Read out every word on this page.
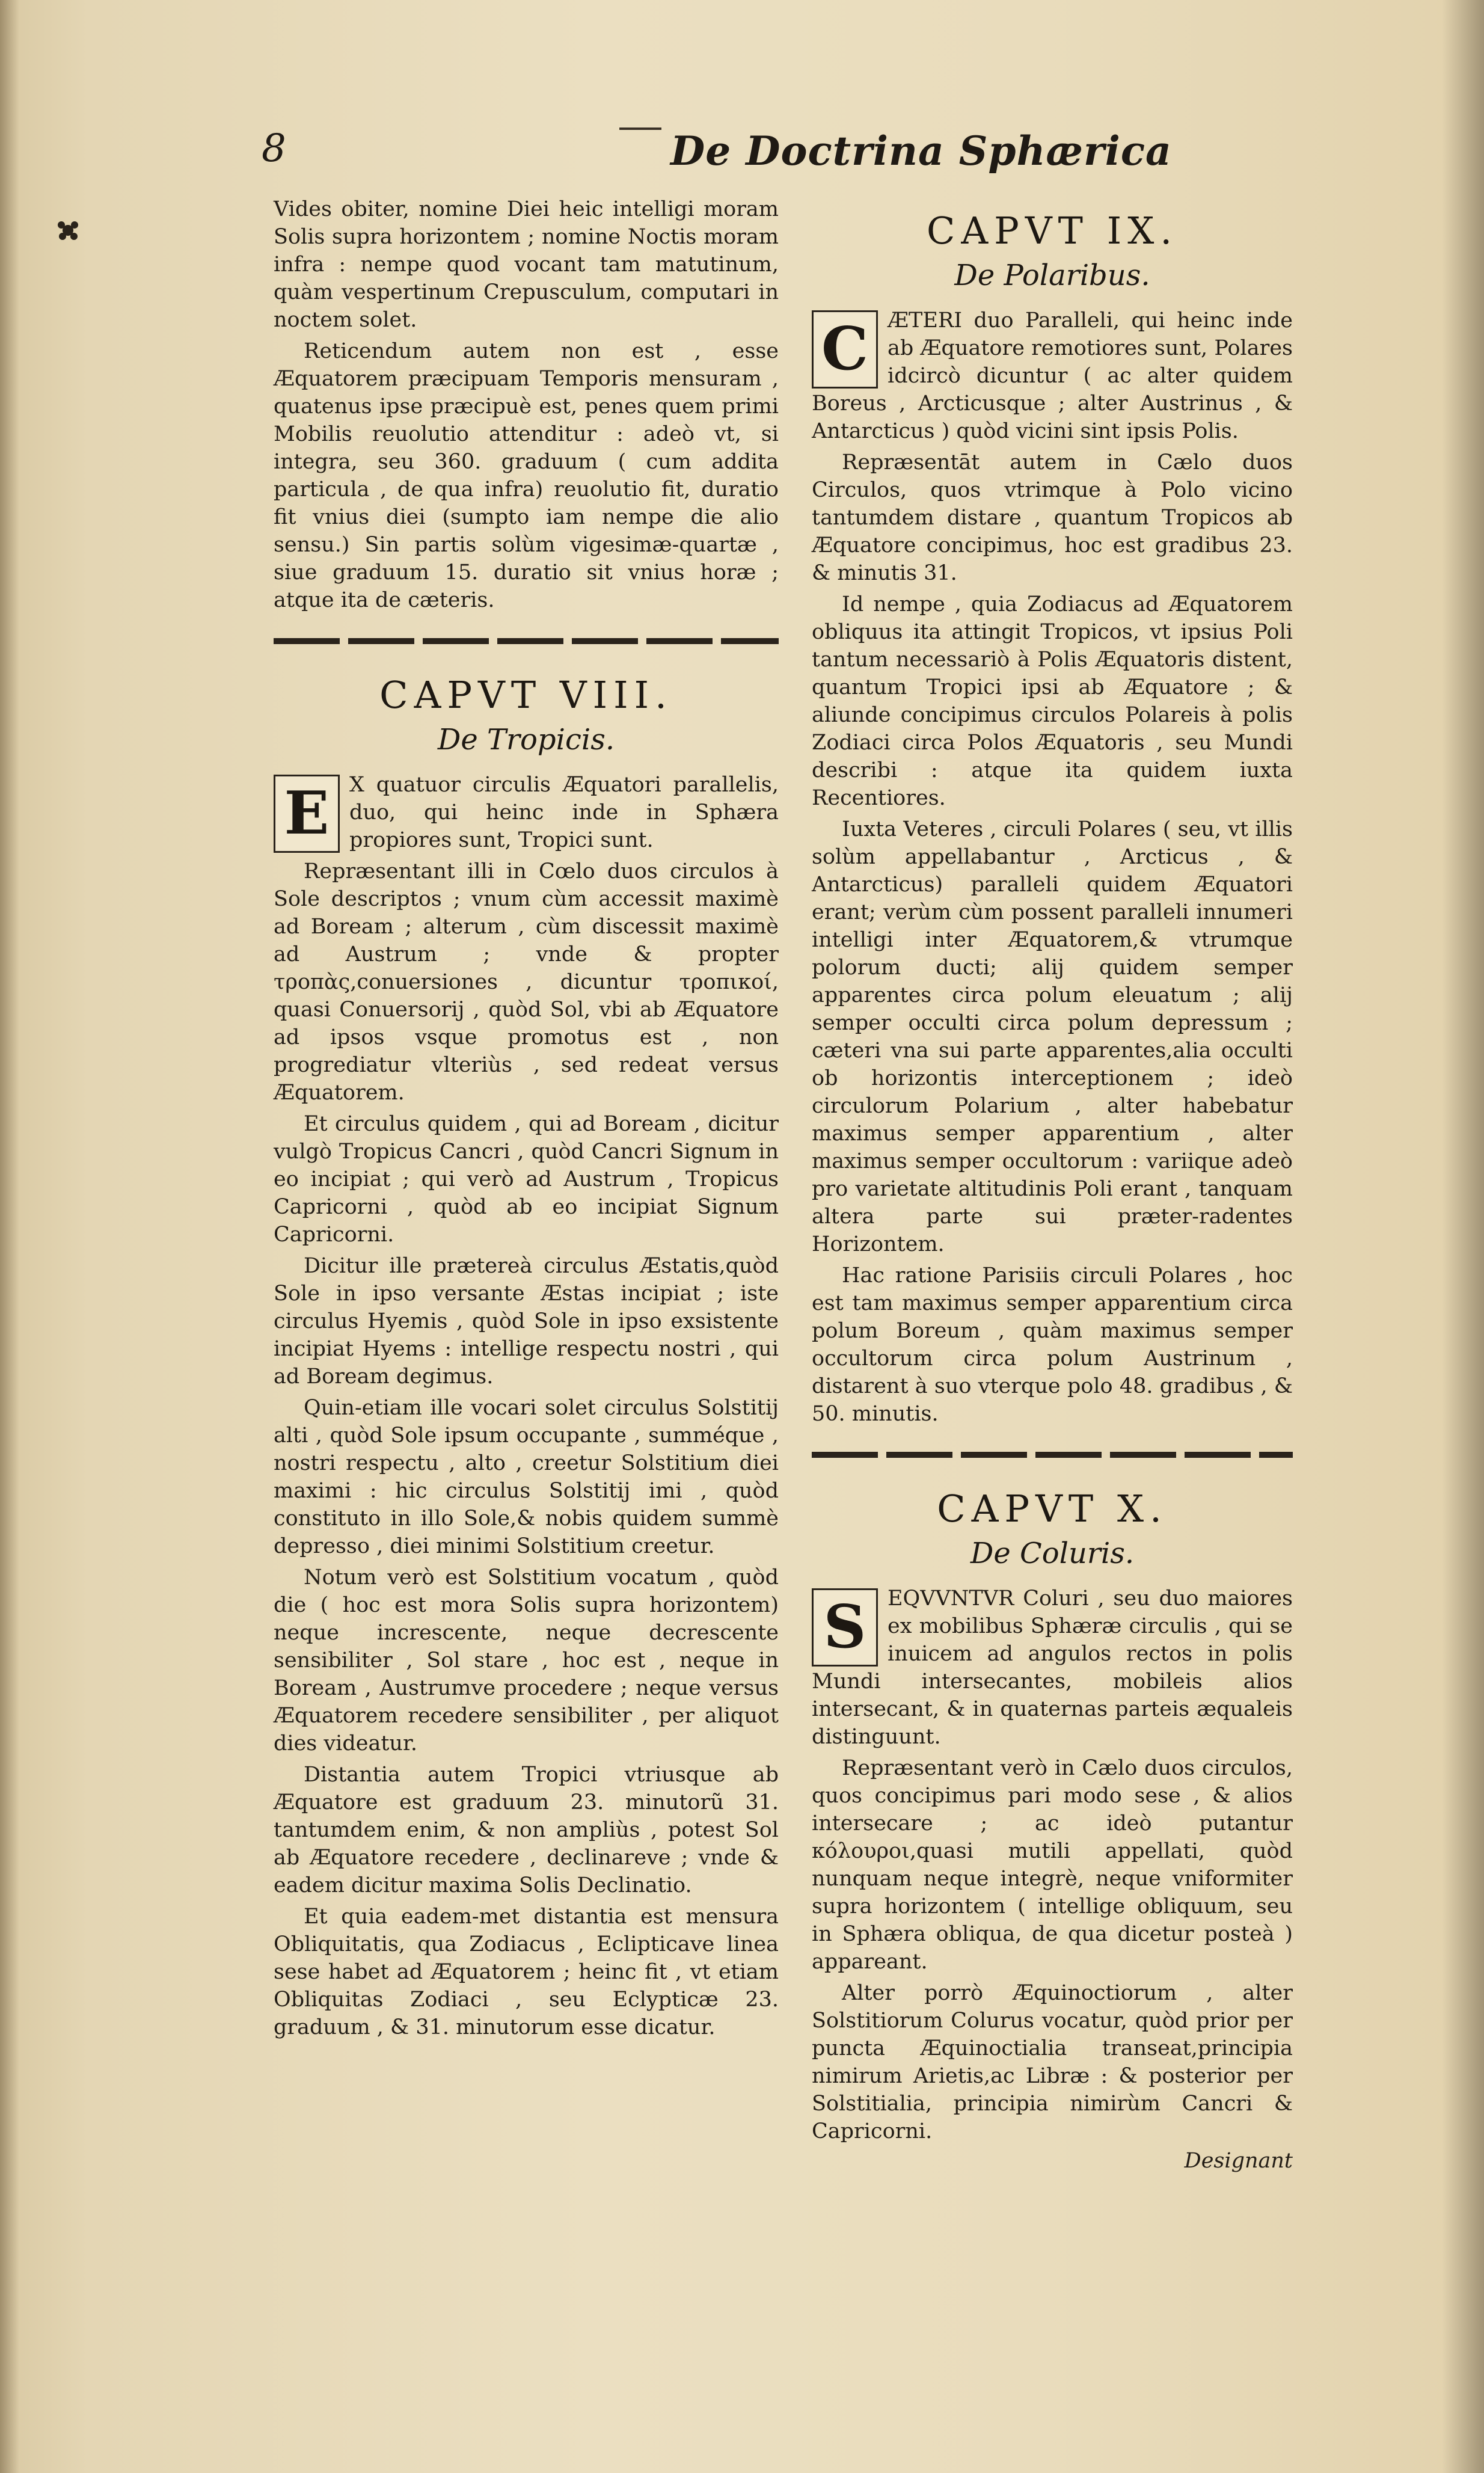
8	De Doctrina Sphærica

Vides obiter, nomine Diei heic intelligi moram Solis supra horizontem ; nomine Noctis moram infra : nempe quod vocant tam matutinum, quàm vespertinum Crepusculum, computari in noctem solet.

Reticendum autem non est , esse Æquatorem præcipuam Temporis mensuram , quatenus ipse præcipuè est, penes quem primi Mobilis reuolutio attenditur : adeò vt, si integra, seu 360. graduum ( cum addita particula , de qua infra) reuolutio fit, duratio fit vnius diei (sumpto iam nempe die alio sensu.) Sin partis solùm vigesimæ-quartæ , siue graduum 15. duratio sit vnius horæ ; atque ita de cæteris.

CAPVT VIII.
De Tropicis.

E X quatuor circulis Æquatori parallelis, duo, qui heinc inde in Sphæra propiores sunt, Tropici sunt.

Repræsentant illi in Cœlo duos circulos à Sole descriptos ; vnum cùm accessit maximè ad Boream ; alterum , cùm discessit maximè ad Austrum ; vnde & propter τροπὰς,conuersiones , dicuntur τροπικοί, quasi Conuersorij , quòd Sol, vbi ab Æquatore ad ipsos vsque promotus est , non progrediatur vlteriùs , sed redeat versus Æquatorem.

Et circulus quidem , qui ad Boream , dicitur vulgò Tropicus Cancri , quòd Cancri Signum in eo incipiat ; qui verò ad Austrum , Tropicus Capricorni , quòd ab eo incipiat Signum Capricorni.

Dicitur ille prætereà circulus Æstatis,quòd Sole in ipso versante Æstas incipiat ; iste circulus Hyemis , quòd Sole in ipso exsistente incipiat Hyems : intellige respectu nostri , qui ad Boream degimus.

Quin-etiam ille vocari solet circulus Solstitij alti , quòd Sole ipsum occupante , summéque , nostri respectu , alto , creetur Solstitium diei maximi : hic circulus Solstitij imi , quòd constituto in illo Sole,& nobis quidem summè depresso , diei minimi Solstitium creetur.

Notum verò est Solstitium vocatum , quòd die ( hoc est mora Solis supra horizontem) neque increscente, neque decrescente sensibiliter , Sol stare , hoc est , neque in Boream , Austrumve procedere ; neque versus Æquatorem recedere sensibiliter , per aliquot dies videatur.

Distantia autem Tropici vtriusque ab Æquatore est graduum 23. minutorũ 31. tantumdem enim, & non ampliùs , potest Sol ab Æquatore recedere , declinareve ; vnde & eadem dicitur maxima Solis Declinatio.

Et quia eadem-met distantia est mensura Obliquitatis, qua Zodiacus , Eclipticave linea sese habet ad Æquatorem ; heinc fit , vt etiam Obliquitas Zodiaci , seu Eclypticæ 23. graduum , & 31. minutorum esse dicatur.

CAPVT IX.
De Polaribus.

C ÆTERI duo Paralleli, qui heinc inde ab Æquatore remotiores sunt, Polares idcircò dicuntur ( ac alter quidem Boreus , Arcticusque ; alter Austrinus , & Antarcticus ) quòd vicini sint ipsis Polis.

Repræsentāt autem in Cælo duos Circulos, quos vtrimque à Polo vicino tantumdem distare , quantum Tropicos ab Æquatore concipimus, hoc est gradibus 23. & minutis 31.

Id nempe , quia Zodiacus ad Æquatorem obliquus ita attingit Tropicos, vt ipsius Poli tantum necessariò à Polis Æquatoris distent, quantum Tropici ipsi ab Æquatore ; & aliunde concipimus circulos Polareis à polis Zodiaci circa Polos Æquatoris , seu Mundi describi : atque ita quidem iuxta Recentiores.

Iuxta Veteres , circuli Polares ( seu, vt illis solùm appellabantur , Arcticus , & Antarcticus) paralleli quidem Æquatori erant; verùm cùm possent paralleli innumeri intelligi inter Æquatorem,& vtrumque polorum ducti; alij quidem semper apparentes circa polum eleuatum ; alij semper occulti circa polum depressum ; cæteri vna sui parte apparentes,alia occulti ob horizontis interceptionem ; ideò circulorum Polarium , alter habebatur maximus semper apparentium , alter maximus semper occultorum : variique adeò pro varietate altitudinis Poli erant , tanquam altera parte sui præter-radentes Horizontem.

Hac ratione Parisiis circuli Polares , hoc est tam maximus semper apparentium circa polum Boreum , quàm maximus semper occultorum circa polum Austrinum , distarent à suo vterque polo 48. gradibus , & 50. minutis.

CAPVT X.
De Coluris.

S	EQVVNTVR Coluri , seu duo maiores ex mobilibus Sphæræ circulis , qui se inuicem ad angulos rectos in polis Mundi intersecantes, mobileis alios intersecant, & in quaternas parteis æqualeis distinguunt.

Repræsentant verò in Cælo duos circulos, quos concipimus pari modo sese , & alios intersecare ; ac ideò putantur κόλουροι,quasi mutili appellati, quòd nunquam neque integrè, neque vniformiter supra horizontem ( intellige obliquum, seu in Sphæra obliqua, de qua dicetur posteà ) appareant.

Alter porrò Æquinoctiorum , alter Solstitiorum Colurus vocatur, quòd prior per puncta Æquinoctialia transeat,principia nimirum Arietis,ac Libræ : & posterior per Solstitialia, principia nimirùm Cancri & Capricorni.

Designant
